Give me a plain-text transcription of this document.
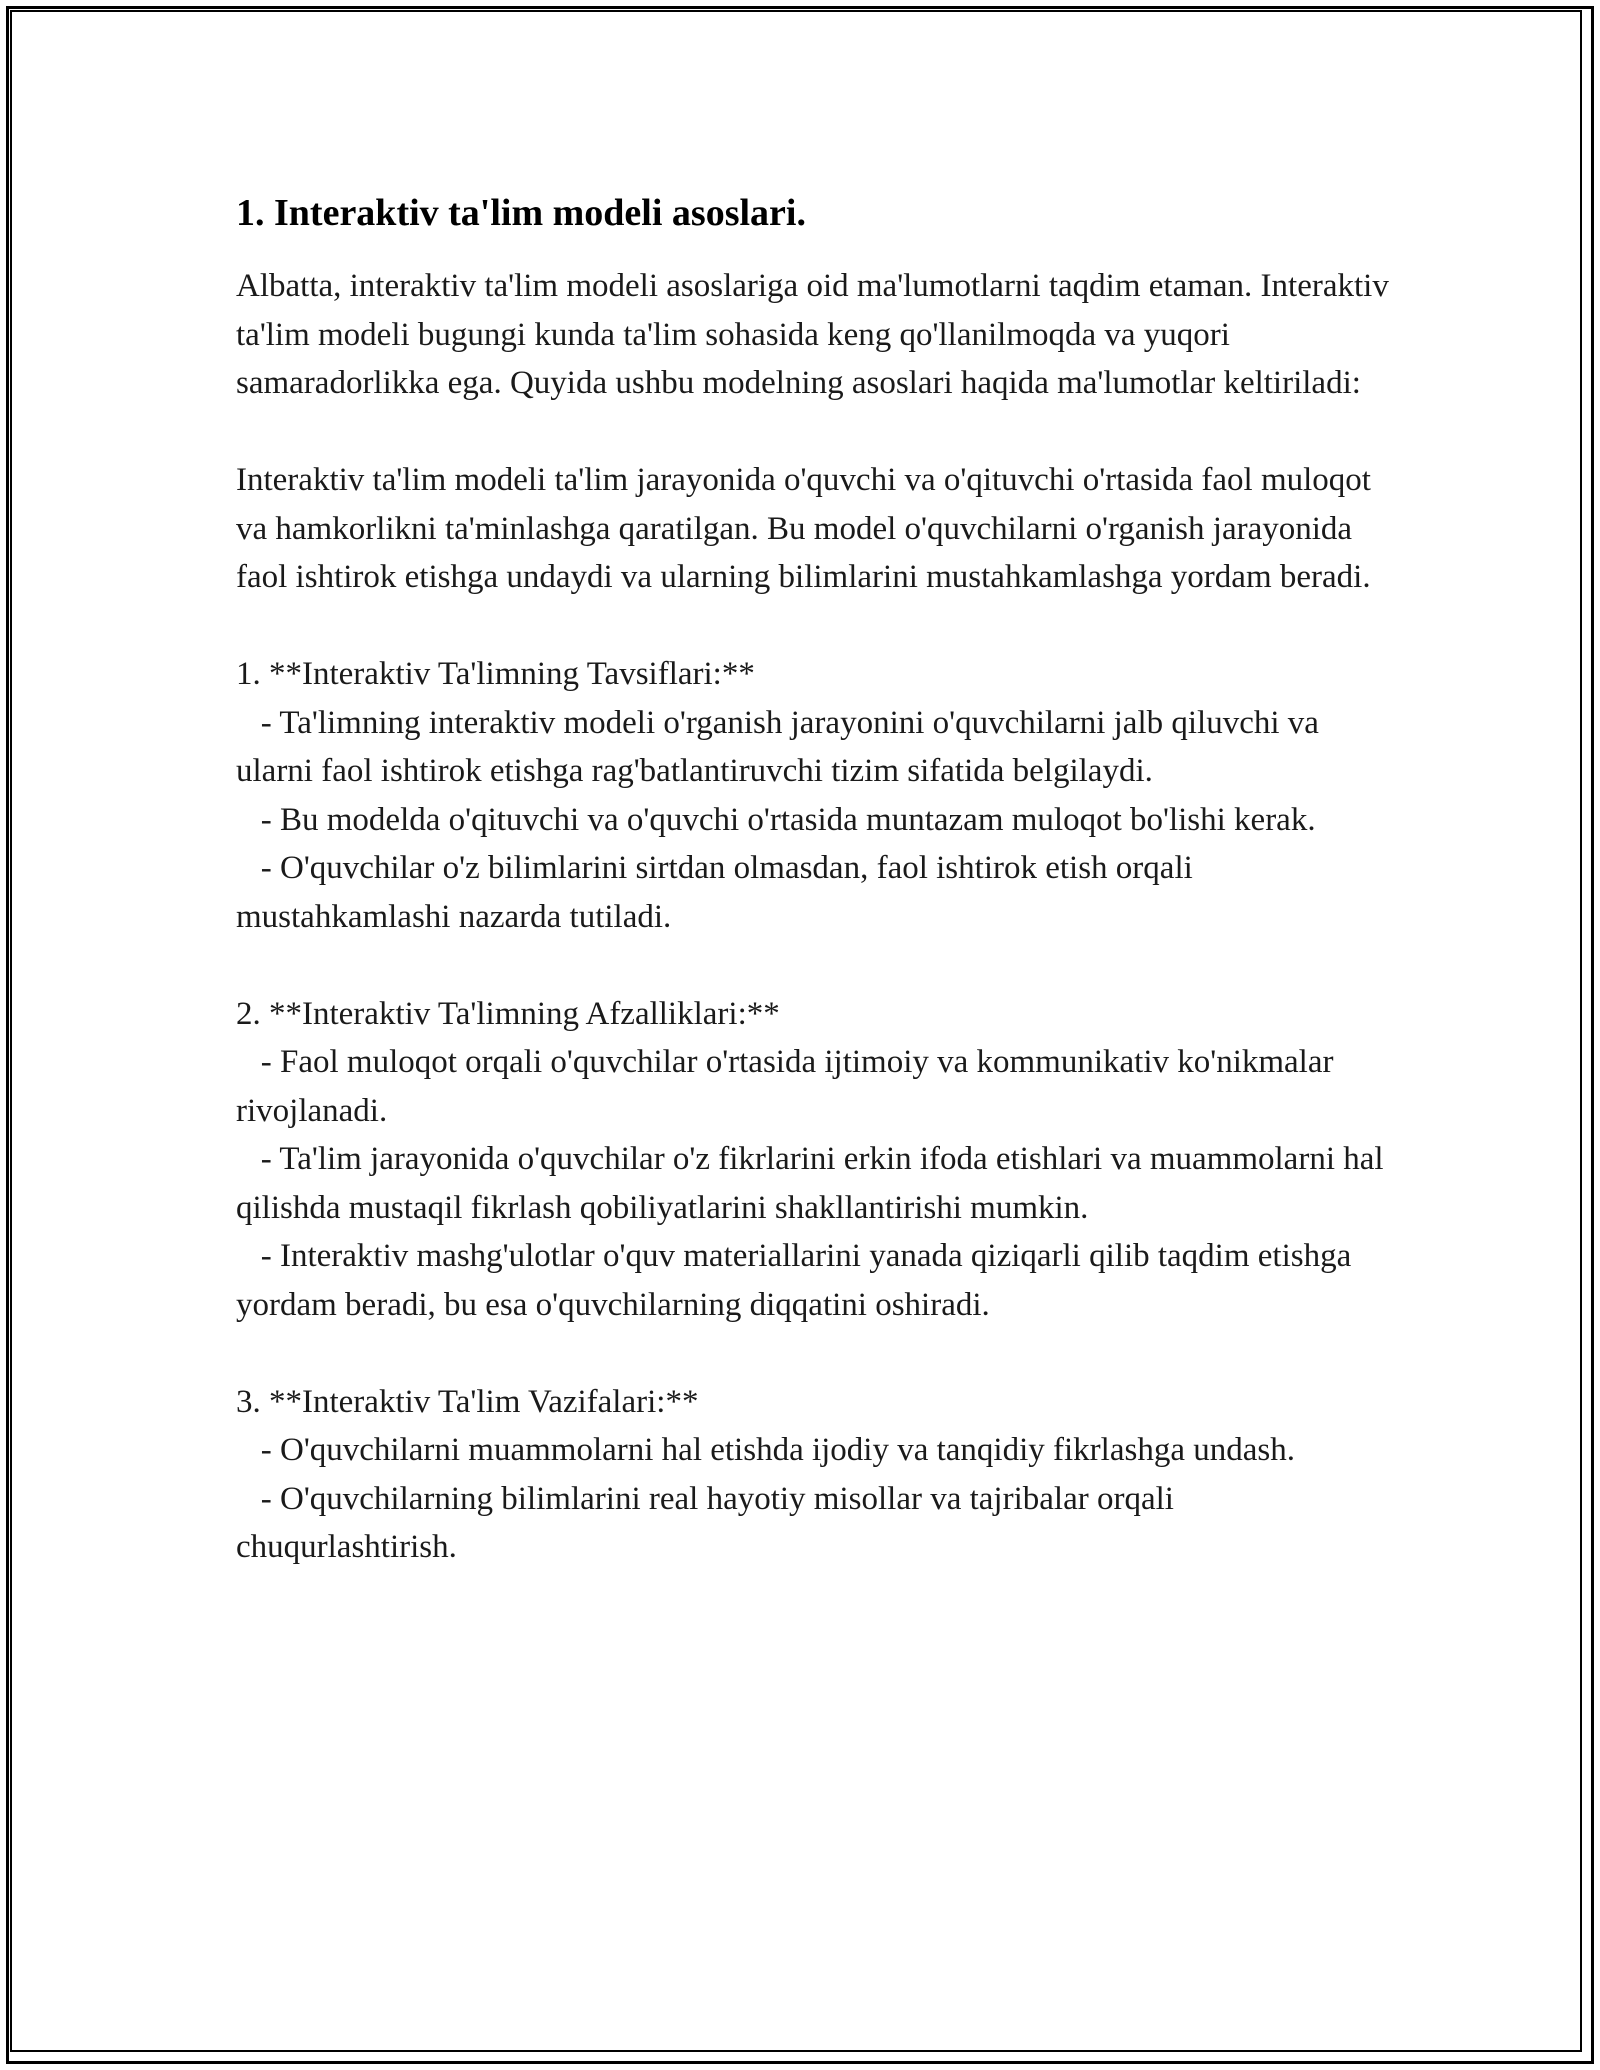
1. Interaktiv ta'lim modeli asoslari.

Albatta, interaktiv ta'lim modeli asoslariga oid ma'lumotlarni taqdim etaman. Interaktiv ta'lim modeli bugungi kunda ta'lim sohasida keng qo'llanilmoqda va yuqori samaradorlikka ega. Quyida ushbu modelning asoslari haqida ma'lumotlar keltiriladi:

Interaktiv ta'lim modeli ta'lim jarayonida o'quvchi va o'qituvchi o'rtasida faol muloqot va hamkorlikni ta'minlashga qaratilgan. Bu model o'quvchilarni o'rganish jarayonida faol ishtirok etishga undaydi va ularning bilimlarini mustahkamlashga yordam beradi.

1. **Interaktiv Ta'limning Tavsiflari:**

- Ta'limning interaktiv modeli o'rganish jarayonini o'quvchilarni jalb qiluvchi va ularni faol ishtirok etishga rag'batlantiruvchi tizim sifatida belgilaydi.

- Bu modelda o'qituvchi va o'quvchi o'rtasida muntazam muloqot bo'lishi kerak.

- O'quvchilar o'z bilimlarini sirtdan olmasdan, faol ishtirok etish orqali mustahkamlashi nazarda tutiladi.

2. **Interaktiv Ta'limning Afzalliklari:**

- Faol muloqot orqali o'quvchilar o'rtasida ijtimoiy va kommunikativ ko'nikmalar rivojlanadi.

- Ta'lim jarayonida o'quvchilar o'z fikrlarini erkin ifoda etishlari va muammolarni hal qilishda mustaqil fikrlash qobiliyatlarini shakllantirishi mumkin.

- Interaktiv mashg'ulotlar o'quv materiallarini yanada qiziqarli qilib taqdim etishga yordam beradi, bu esa o'quvchilarning diqqatini oshiradi.

3. **Interaktiv Ta'lim Vazifalari:**

- O'quvchilarni muammolarni hal etishda ijodiy va tanqidiy fikrlashga undash.

- O'quvchilarning bilimlarini real hayotiy misollar va tajribalar orqali chuqurlashtirish.
